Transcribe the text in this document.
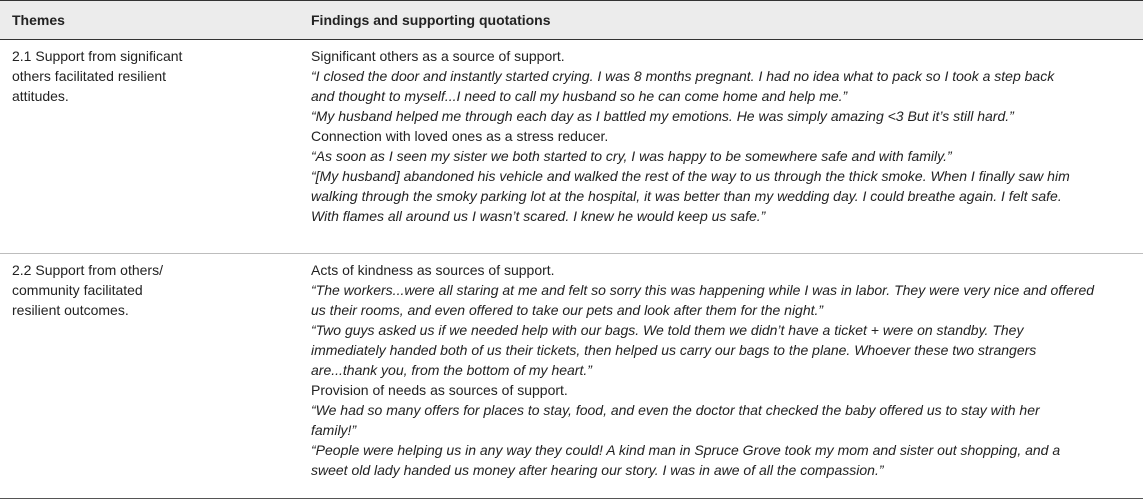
Themes	Findings and supporting quotations
2.1 Support from significant
others facilitated resilient
attitudes.
Significant others as a source of support.
“I closed the door and instantly started crying. I was 8 months pregnant. I had no idea what to pack so I took a step back
and thought to myself...I need to call my husband so he can come home and help me.”
“My husband helped me through each day as I battled my emotions. He was simply amazing <3 But it’s still hard.”
Connection with loved ones as a stress reducer.
“As soon as I seen my sister we both started to cry, I was happy to be somewhere safe and with family.”
“[My husband] abandoned his vehicle and walked the rest of the way to us through the thick smoke. When I finally saw him
walking through the smoky parking lot at the hospital, it was better than my wedding day. I could breathe again. I felt safe.
With flames all around us I wasn’t scared. I knew he would keep us safe.”
2.2 Support from others/
community facilitated
resilient outcomes.
Acts of kindness as sources of support.
“The workers...were all staring at me and felt so sorry this was happening while I was in labor. They were very nice and offered
us their rooms, and even offered to take our pets and look after them for the night.”
“Two guys asked us if we needed help with our bags. We told them we didn’t have a ticket + were on standby. They
immediately handed both of us their tickets, then helped us carry our bags to the plane. Whoever these two strangers
are...thank you, from the bottom of my heart.”
Provision of needs as sources of support.
“We had so many offers for places to stay, food, and even the doctor that checked the baby offered us to stay with her
family!”
“People were helping us in any way they could! A kind man in Spruce Grove took my mom and sister out shopping, and a
sweet old lady handed us money after hearing our story. I was in awe of all the compassion.”
